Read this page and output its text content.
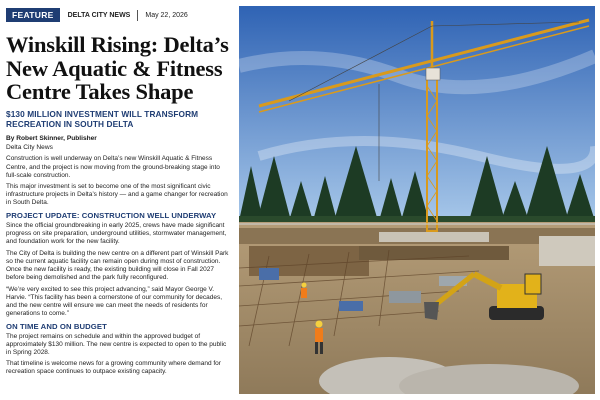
FEATURE	DELTA CITY NEWS May 22, 2026
Winskill Rising: Delta’s New Aquatic & Fitness Centre Takes Shape
$130 MILLION INVESTMENT WILL TRANSFORM RECREATION IN SOUTH DELTA
By Robert Skinner, Publisher
Delta City News

Construction is well underway on Delta’s new Winskill Aquatic & Fitness Centre, and the project is now moving from the ground-breaking stage into full-scale construction.

This major investment is set to become one of the most significant civic infrastructure projects in Delta’s history — and a game changer for recreation in South Delta.

PROJECT UPDATE: CONSTRUCTION WELL UNDERWAY

Since the official groundbreaking in early 2025, crews have made significant progress on site preparation, underground utilities, stormwater management, and foundation work for the new facility.

The City of Delta is building the new centre on a different part of Winskill Park so the current aquatic facility can remain open during most of construction. Once the new facility is ready, the existing building will close in Fall 2027 before being demolished and the park fully reconfigured.

“We’re very excited to see this project advancing,” said Mayor George V. Harvie. “This facility has been a cornerstone of our community for decades, and the new centre will ensure we can meet the needs of residents for generations to come.”

ON TIME AND ON BUDGET

The project remains on schedule and within the approved budget of approximately $130 million. The new centre is expected to open to the public in Spring 2028.

That timeline is welcome news for a growing community where demand for recreation space continues to outpace existing capacity.
